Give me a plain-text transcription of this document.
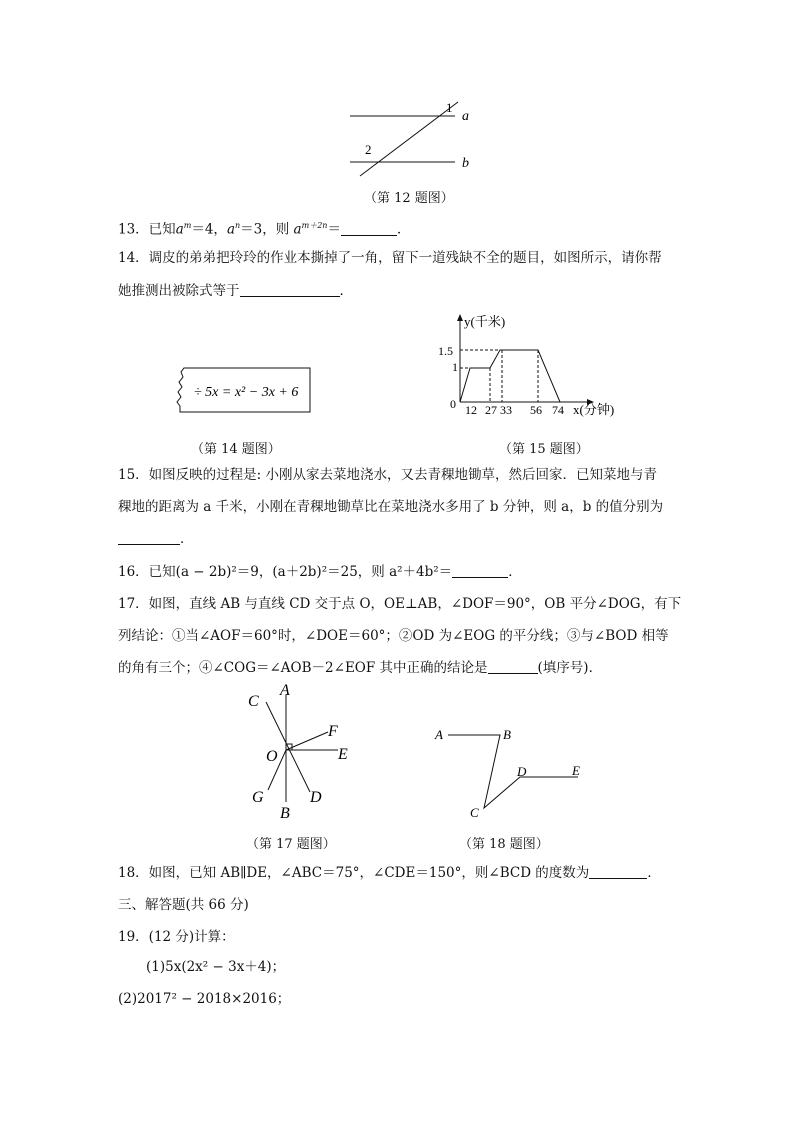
1
2
a
b
（第 12 题图）
13．已知$a^m=4$，$a^n=3$，则 $a^{m+2n}=$	．
14．调皮的弟弟把玲玲的作业本撕掉了一角，留下一道残缺不全的题目，如图所示，请你帮
她推测出被除式等于	．
÷ 5x = x² − 3x + 6
（第 14 题图）
y(千米)
x(分钟)
0
1
1.5
12 27 33 56 74
（第 15 题图）
15．如图反映的过程是: 小刚从家去菜地浇水，又去青稞地锄草，然后回家．已知菜地与青
稞地的距离为 a 千米，小刚在青稞地锄草比在菜地浇水多用了 b 分钟，则 a，b 的值分别为
．
16．已知(a − 2b)²＝9，(a＋2b)²＝25，则 a²＋4b²＝	．
17．如图，直线 AB 与直线 CD 交于点 O，OE⊥AB，∠DOF＝90°，OB 平分∠DOG，有下
列结论：①当∠AOF＝60°时，∠DOE＝60°；②OD 为∠EOG 的平分线；③与∠BOD 相等
的角有三个；④∠COG＝∠AOB－2∠EOF 其中正确的结论是	(填序号)．
A
C
F
O	E
G
B
D
（第 17 题图）
A	B
D	E
C
（第 18 题图）
18．如图，已知 AB∥DE，∠ABC＝75°，∠CDE＝150°，则∠BCD 的度数为	．
三、解答题(共 66 分)
19．(12 分)计算：
(1)5x(2x² − 3x＋4)；
(2)2017² − 2018×2016；
